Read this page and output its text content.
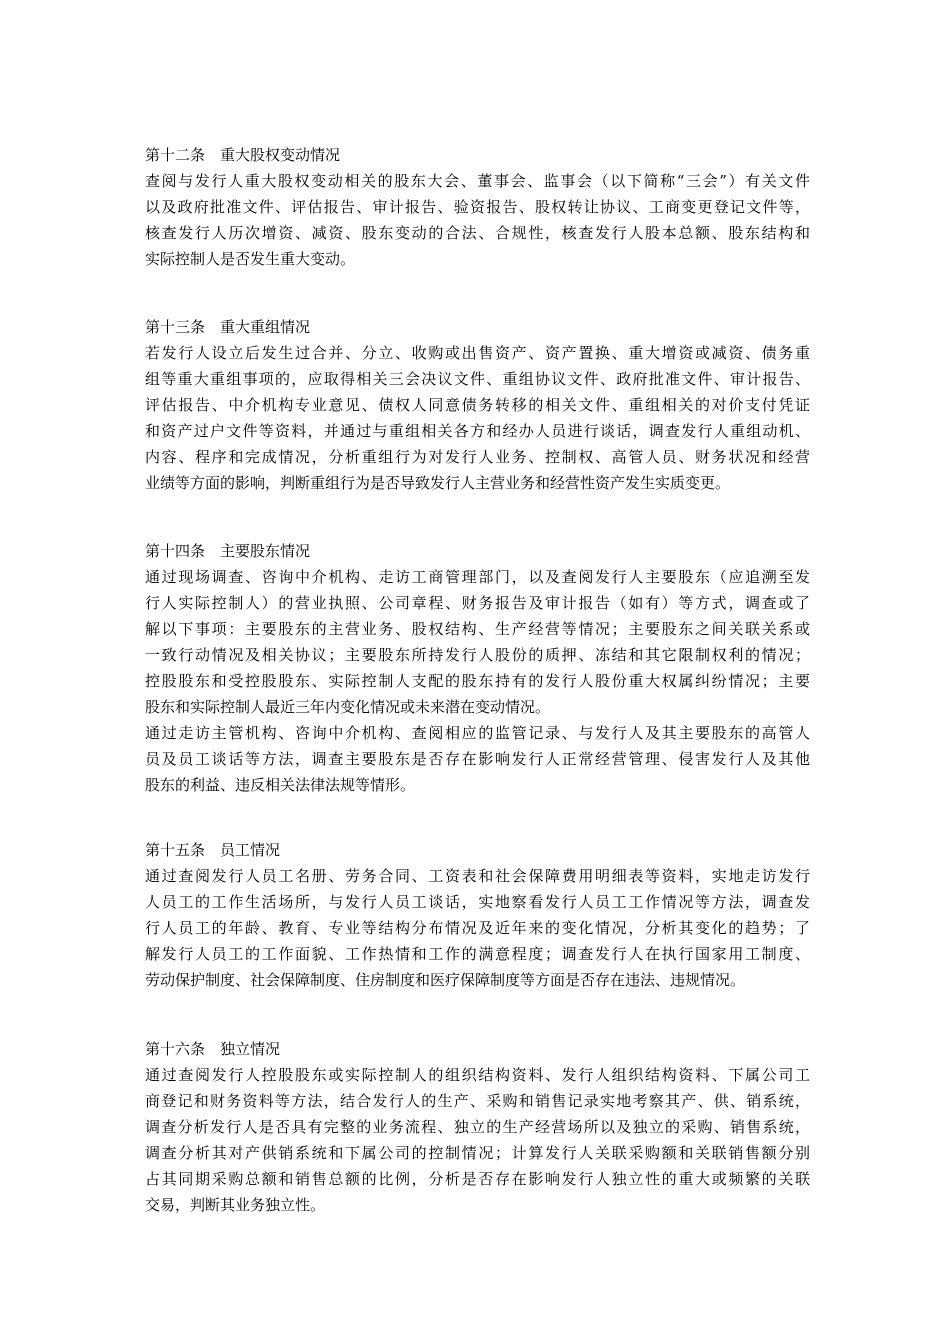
第十二条　重大股权变动情况

查阅与发行人重大股权变动相关的股东大会、董事会、监事会（以下简称“三会”）有关文件

以及政府批准文件、评估报告、审计报告、验资报告、股权转让协议、工商变更登记文件等，

核查发行人历次增资、减资、股东变动的合法、合规性，核查发行人股本总额、股东结构和

实际控制人是否发生重大变动。

第十三条　重大重组情况

若发行人设立后发生过合并、分立、收购或出售资产、资产置换、重大增资或减资、债务重

组等重大重组事项的，应取得相关三会决议文件、重组协议文件、政府批准文件、审计报告、

评估报告、中介机构专业意见、债权人同意债务转移的相关文件、重组相关的对价支付凭证

和资产过户文件等资料，并通过与重组相关各方和经办人员进行谈话，调查发行人重组动机、

内容、程序和完成情况，分析重组行为对发行人业务、控制权、高管人员、财务状况和经营

业绩等方面的影响，判断重组行为是否导致发行人主营业务和经营性资产发生实质变更。

第十四条　主要股东情况

通过现场调查、咨询中介机构、走访工商管理部门，以及查阅发行人主要股东（应追溯至发

行人实际控制人）的营业执照、公司章程、财务报告及审计报告（如有）等方式，调查或了

解以下事项：主要股东的主营业务、股权结构、生产经营等情况；主要股东之间关联关系或

一致行动情况及相关协议；主要股东所持发行人股份的质押、冻结和其它限制权利的情况；

控股股东和受控股股东、实际控制人支配的股东持有的发行人股份重大权属纠纷情况；主要

股东和实际控制人最近三年内变化情况或未来潜在变动情况。

通过走访主管机构、咨询中介机构、查阅相应的监管记录、与发行人及其主要股东的高管人

员及员工谈话等方法，调查主要股东是否存在影响发行人正常经营管理、侵害发行人及其他

股东的利益、违反相关法律法规等情形。

第十五条　员工情况

通过查阅发行人员工名册、劳务合同、工资表和社会保障费用明细表等资料，实地走访发行

人员工的工作生活场所，与发行人员工谈话，实地察看发行人员工工作情况等方法，调查发

行人员工的年龄、教育、专业等结构分布情况及近年来的变化情况，分析其变化的趋势；了

解发行人员工的工作面貌、工作热情和工作的满意程度；调查发行人在执行国家用工制度、

劳动保护制度、社会保障制度、住房制度和医疗保障制度等方面是否存在违法、违规情况。

第十六条　独立情况

通过查阅发行人控股股东或实际控制人的组织结构资料、发行人组织结构资料、下属公司工

商登记和财务资料等方法，结合发行人的生产、采购和销售记录实地考察其产、供、销系统，

调查分析发行人是否具有完整的业务流程、独立的生产经营场所以及独立的采购、销售系统，

调查分析其对产供销系统和下属公司的控制情况；计算发行人关联采购额和关联销售额分别

占其同期采购总额和销售总额的比例，分析是否存在影响发行人独立性的重大或频繁的关联

交易，判断其业务独立性。
